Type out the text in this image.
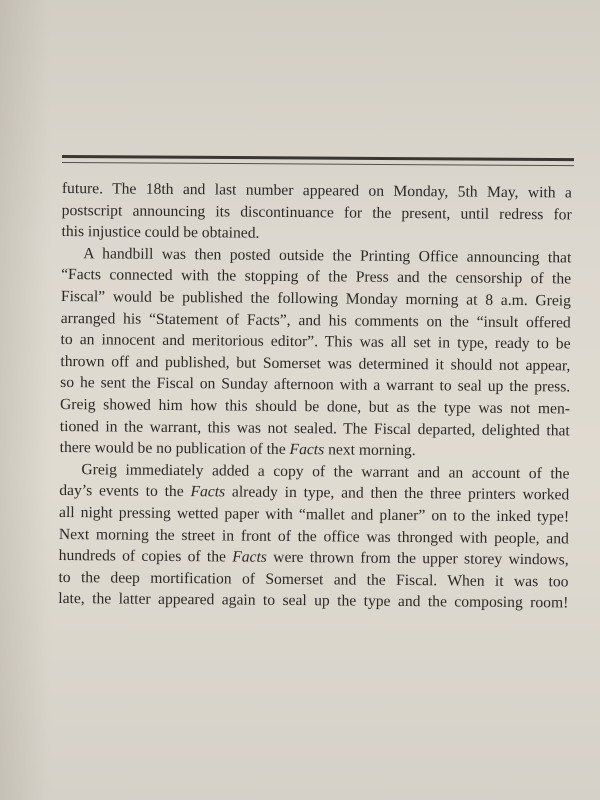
future. The 18th and last number appeared on Monday, 5th May, with a
postscript announcing its discontinuance for the present, until redress for
this injustice could be obtained.
A handbill was then posted outside the Printing Office announcing that
“Facts connected with the stopping of the Press and the censorship of the
Fiscal” would be published the following Monday morning at 8 a.m. Greig
arranged his “Statement of Facts”, and his comments on the “insult offered
to an innocent and meritorious editor”. This was all set in type, ready to be
thrown off and published, but Somerset was determined it should not appear,
so he sent the Fiscal on Sunday afternoon with a warrant to seal up the press.
Greig showed him how this should be done, but as the type was not men-
tioned in the warrant, this was not sealed. The Fiscal departed, delighted that
there would be no publication of the Facts next morning.
Greig immediately added a copy of the warrant and an account of the
day’s events to the Facts already in type, and then the three printers worked
all night pressing wetted paper with “mallet and planer” on to the inked type!
Next morning the street in front of the office was thronged with people, and
hundreds of copies of the Facts were thrown from the upper storey windows,
to the deep mortification of Somerset and the Fiscal. When it was too
late, the latter appeared again to seal up the type and the composing room!
